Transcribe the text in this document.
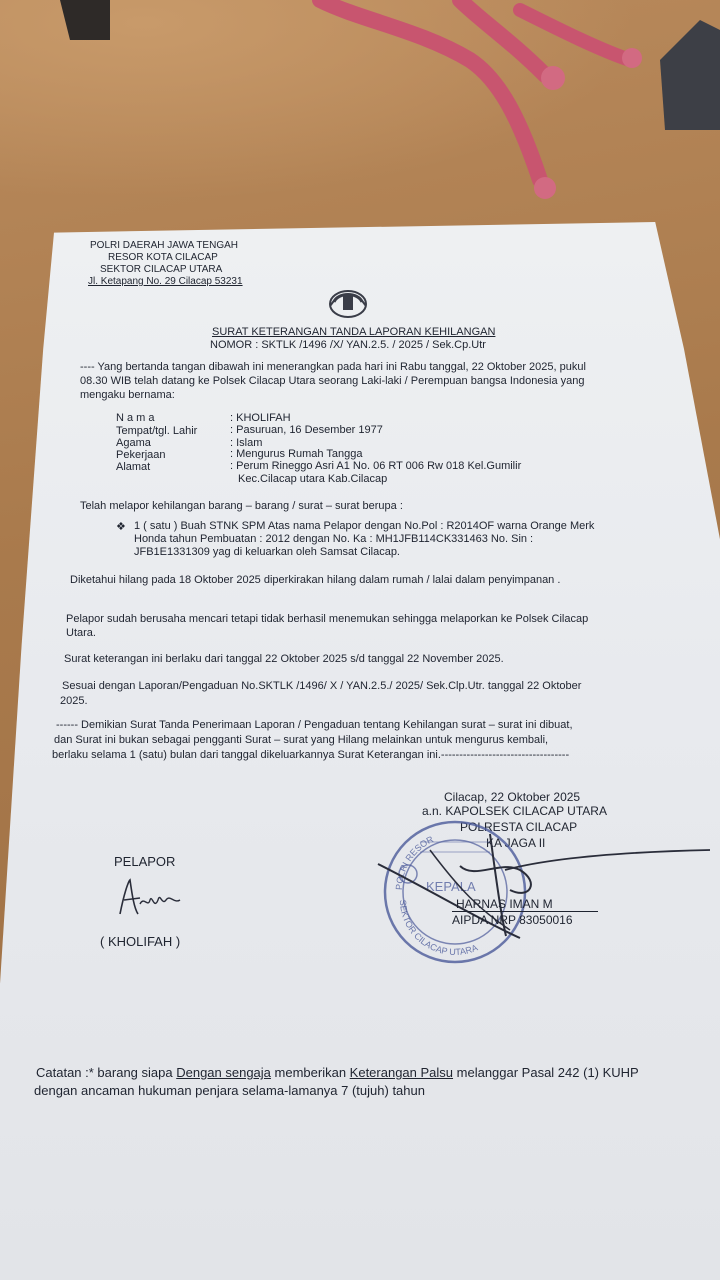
POLRI DAERAH JAWA TENGAH
RESOR KOTA CILACAP
SEKTOR CILACAP UTARA
Jl. Ketapang No. 29 Cilacap 53231
SURAT KETERANGAN TANDA LAPORAN KEHILANGAN
NOMOR : SKTLK /1496 /X/ YAN.2.5. / 2025 / Sek.Cp.Utr
---- Yang bertanda tangan dibawah ini menerangkan pada hari ini Rabu tanggal, 22 Oktober 2025, pukul
08.30 WIB telah datang ke Polsek Cilacap Utara seorang Laki-laki / Perempuan bangsa Indonesia yang
mengaku bernama:
N a m a	: KHOLIFAH
Tempat/tgl. Lahir	: Pasuruan, 16 Desember 1977
Agama	: Islam
Pekerjaan	: Mengurus Rumah Tangga
Alamat	: Perum Rineggo Asri A1 No. 06 RT 006 Rw 018 Kel.Gumilir
Kec.Cilacap utara Kab.Cilacap
Telah melapor kehilangan barang – barang / surat – surat berupa :
❖ 1 ( satu ) Buah STNK SPM Atas nama Pelapor dengan No.Pol : R2014OF warna Orange Merk
Honda tahun Pembuatan : 2012 dengan No. Ka : MH1JFB114CK331463 No. Sin :
JFB1E1331309 yag di keluarkan oleh Samsat Cilacap.
Diketahui hilang pada 18 Oktober 2025 diperkirakan hilang dalam rumah / lalai dalam penyimpanan .
Pelapor sudah berusaha mencari tetapi tidak berhasil menemukan sehingga melaporkan ke Polsek Cilacap
Utara.
Surat keterangan ini berlaku dari tanggal 22 Oktober 2025 s/d tanggal 22 November 2025.
Sesuai dengan Laporan/Pengaduan No.SKTLK /1496/ X / YAN.2.5./ 2025/ Sek.Clp.Utr. tanggal 22 Oktober
2025.
------ Demikian Surat Tanda Penerimaan Laporan / Pengaduan tentang Kehilangan surat – surat ini dibuat,
dan Surat ini bukan sebagai pengganti Surat – surat yang Hilang melainkan untuk mengurus kembali,
berlaku selama 1 (satu) bulan dari tanggal dikeluarkannya Surat Keterangan ini.-----------------------------------
Cilacap, 22 Oktober 2025
a.n. KAPOLSEK CILACAP UTARA
POLRESTA CILACAP
KA JAGA II
POLRI RESOR
SEKTOR CILACAP UTARA
KEPALA
HARNAS IMAN M
AIPDA NRP 83050016
PELAPOR
( KHOLIFAH )
Catatan :* barang siapa Dengan sengaja memberikan Keterangan Palsu melanggar Pasal 242 (1) KUHP
dengan ancaman hukuman penjara selama-lamanya 7 (tujuh) tahun
